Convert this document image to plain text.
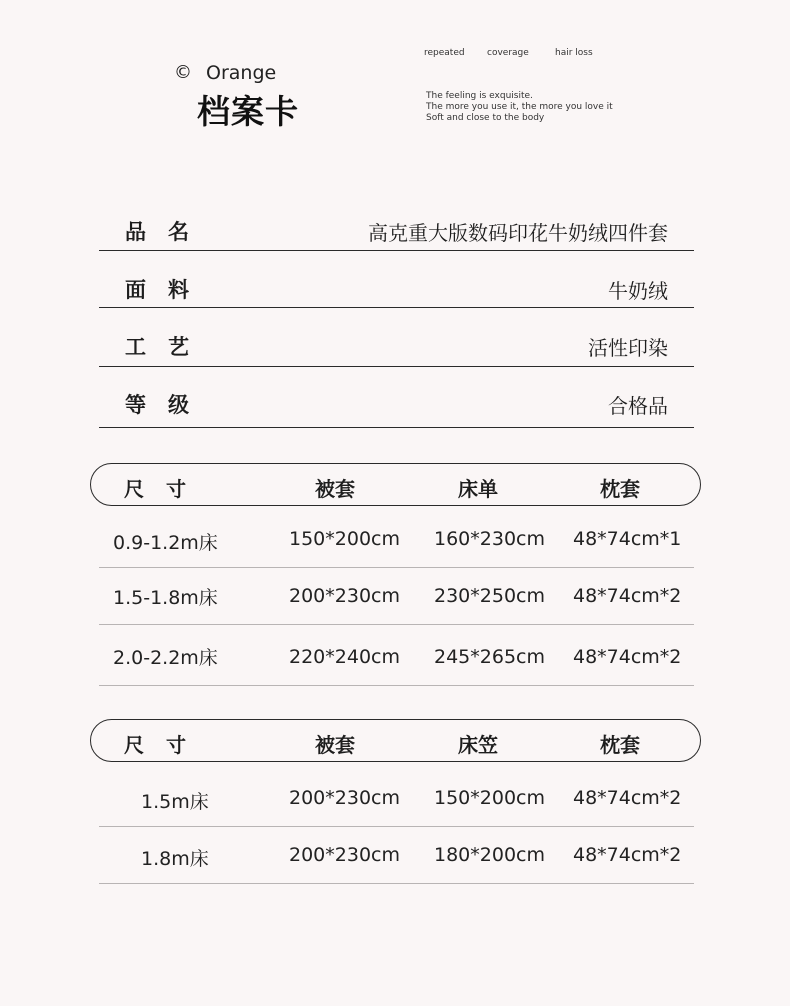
© Orange
档案卡
repeated coverage	hair loss
The feeling is exquisite.
The more you use it, the more you love it
Soft and close to the body
品名	高克重大版数码印花牛奶绒四件套
面料	牛奶绒
工艺	活性印染
等级	合格品
尺寸	被套	床单	枕套
0.9-1.2m床	150*200cm 160*230cm 48*74cm*1
1.5-1.8m床	200*230cm 230*250cm 48*74cm*2
2.0-2.2m床	220*240cm 245*265cm 48*74cm*2
尺寸	被套	床笠	枕套
1.5m床	200*230cm 150*200cm 48*74cm*2
1.8m床	200*230cm 180*200cm 48*74cm*2
